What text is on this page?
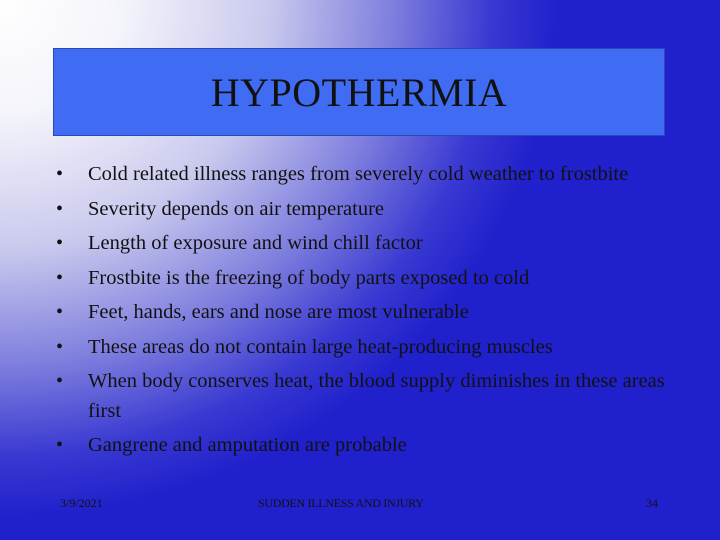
HYPOTHERMIA
• Cold related illness ranges from severely cold weather to frostbite
• Severity depends on air temperature
• Length of exposure and wind chill factor
• Frostbite is the freezing of body parts exposed to cold
• Feet, hands, ears and nose are most vulnerable
• These areas do not contain large heat-producing muscles
• When body conserves heat, the blood supply diminishes in these areas first
• Gangrene and amputation are probable
3/9/2021	SUDDEN ILLNESS AND INJURY	34
